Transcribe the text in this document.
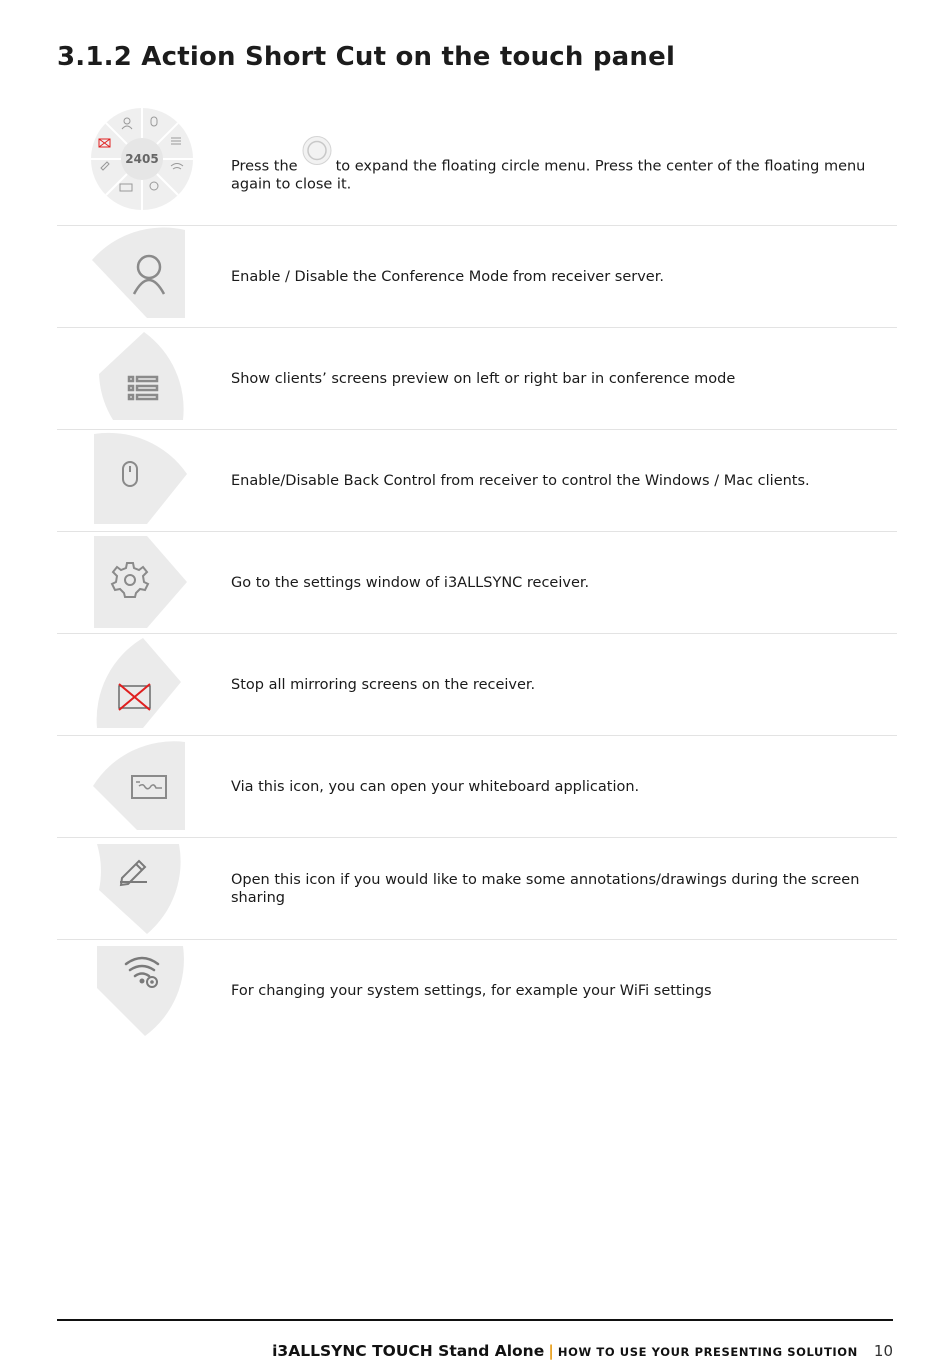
3.1.2 Action Short Cut on the touch panel
2405	Press the	to expand the floating circle menu. Press the center of the floating menu again to close it.
Enable / Disable the Conference Mode from receiver server.
Show clients’ screens preview on left or right bar in conference mode
Enable/Disable Back Control from receiver to control the Windows / Mac clients.
Go to the settings window of i3ALLSYNC receiver.
Stop all mirroring screens on the receiver.
Via this icon, you can open your whiteboard application.
Open this icon if you would like to make some annotations/drawings during the screen sharing
For changing your system settings, for example your WiFi settings
i3ALLSYNC TOUCH Stand Alone | HOW TO USE YOUR PRESENTING SOLUTION 10
